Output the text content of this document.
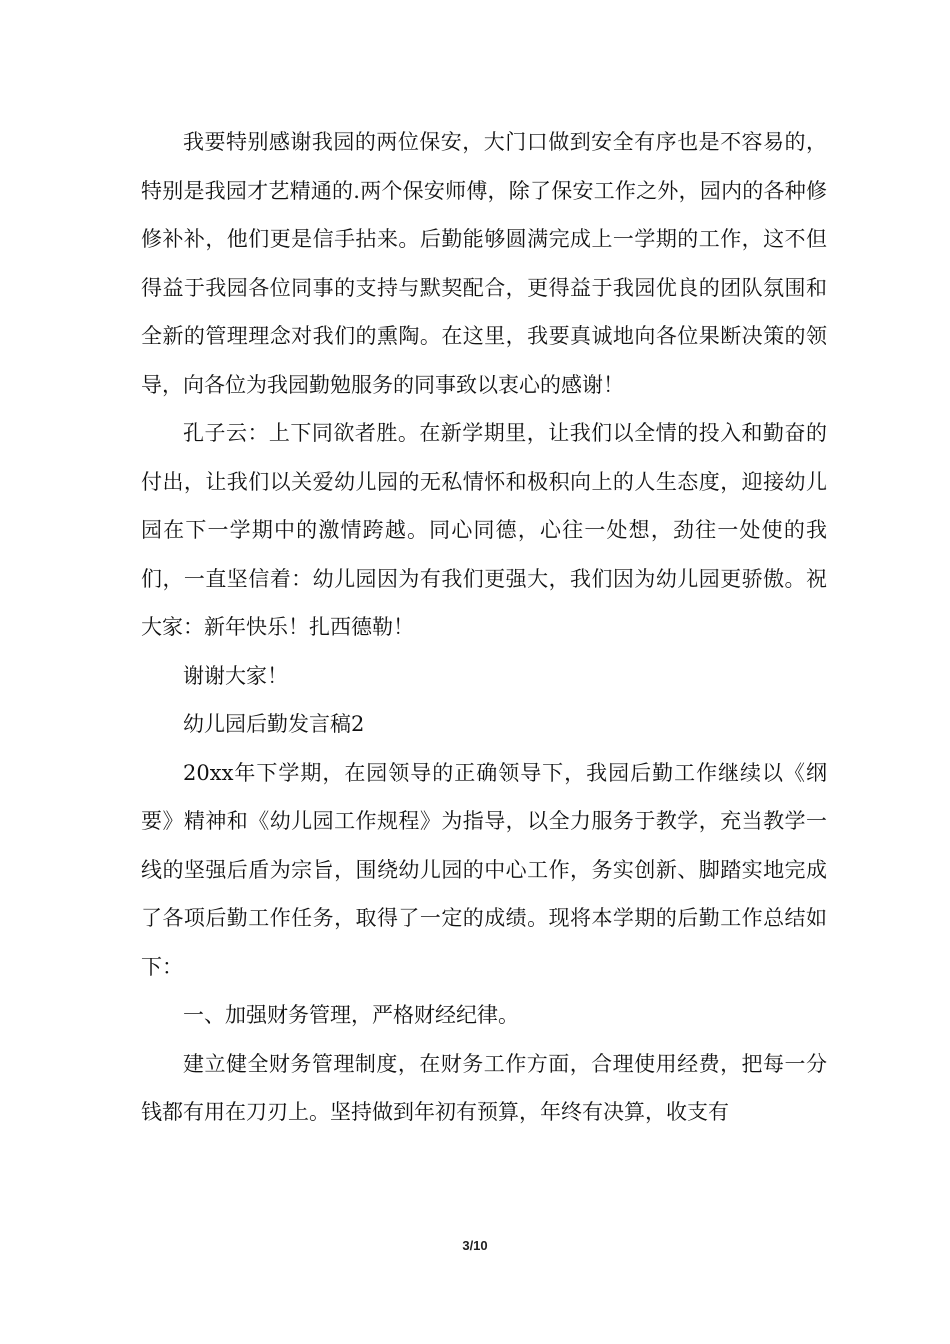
我要特别感谢我园的两位保安，大门口做到安全有序也是不容易的，特别是我园才艺精通的.两个保安师傅，除了保安工作之外，园内的各种修修补补，他们更是信手拈来。后勤能够圆满完成上一学期的工作，这不但得益于我园各位同事的支持与默契配合，更得益于我园优良的团队氛围和全新的管理理念对我们的熏陶。在这里，我要真诚地向各位果断决策的领导，向各位为我园勤勉服务的同事致以衷心的感谢！

孔子云：上下同欲者胜。在新学期里，让我们以全情的投入和勤奋的付出，让我们以关爱幼儿园的无私情怀和极积向上的人生态度，迎接幼儿园在下一学期中的激情跨越。同心同德，心往一处想，劲往一处使的我们，一直坚信着：幼儿园因为有我们更强大，我们因为幼儿园更骄傲。祝大家：新年快乐！扎西德勒！

谢谢大家！

幼儿园后勤发言稿2

20xx年下学期，在园领导的正确领导下，我园后勤工作继续以《纲要》精神和《幼儿园工作规程》为指导，以全力服务于教学，充当教学一线的坚强后盾为宗旨，围绕幼儿园的中心工作，务实创新、脚踏实地完成了各项后勤工作任务，取得了一定的成绩。现将本学期的后勤工作总结如下：

一、加强财务管理，严格财经纪律。

建立健全财务管理制度，在财务工作方面，合理使用经费，把每一分钱都有用在刀刃上。坚持做到年初有预算，年终有决算，收支有

3/10
